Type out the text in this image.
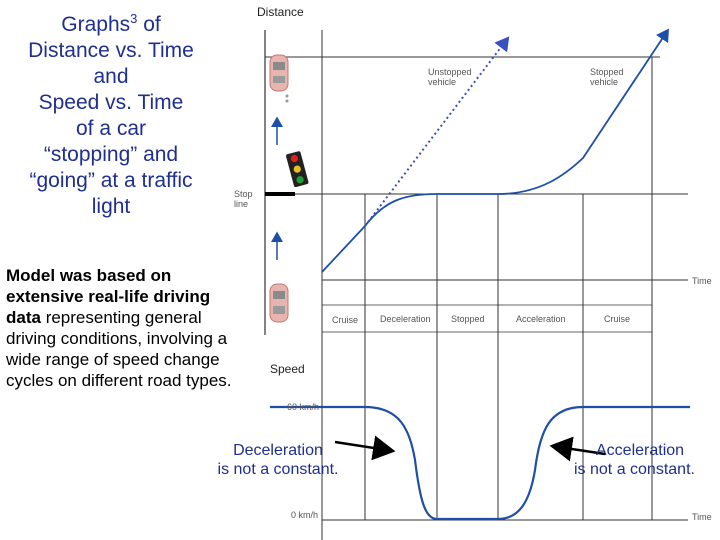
Graphs$^3$ of
Distance vs. Time
and
Speed vs. Time
of a car
“stopping” and
“going” at a traffic
light
Model was based on extensive real-life driving data representing general driving conditions, involving a wide range of speed change cycles on different road types.
Distance
Time
Stop
line
Unstopped
vehicle
Stopped
vehicle
Cruise Deceleration Stopped	Acceleration	Cruise
Speed
60 km/h
0 km/h	Time
Deceleration
is not a constant.
Acceleration
is not a constant.
